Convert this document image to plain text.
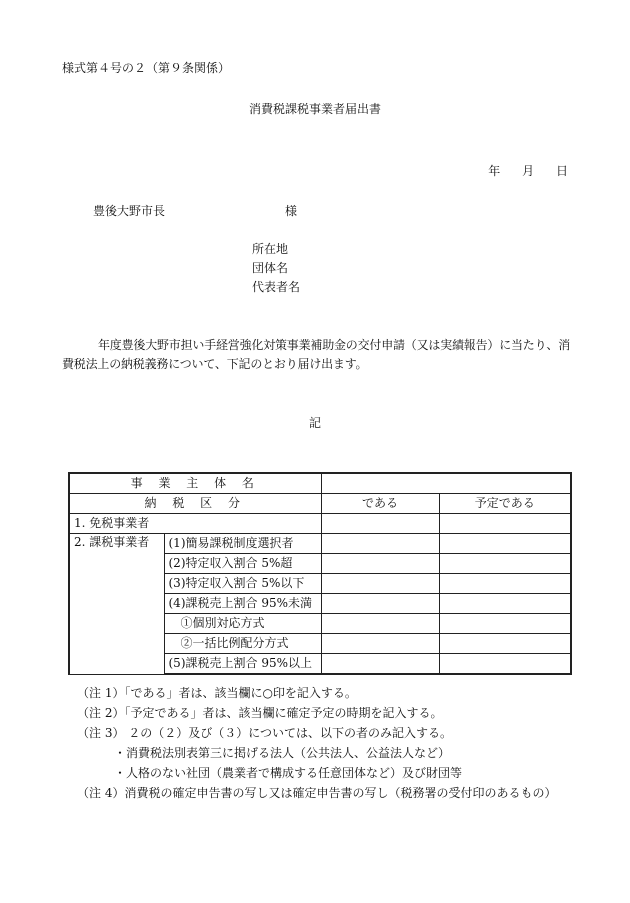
様式第４号の２（第９条関係）
消費税課税事業者届出書
年 月 日
豊後大野市長	様
所在地
団体名
代表者名
年度豊後大野市担い手経営強化対策事業補助金の交付申請（又は実績報告）に当たり、消費税法上の納税義務について、下記のとおり届け出ます。
記
事 業 主 体 名			
納 税 区 分		である	予定である
1. 免税事業者			
2. 課税事業者	(1)簡易課税制度選択者		
	(2)特定収入割合 5%超		
	(3)特定収入割合 5%以下		
	(4)課税売上割合 95%未満		
	①個別対応方式		
	②一括比例配分方式		
	(5)課税売上割合 95%以上		
（注 1）「である」者は、該当欄に○印を記入する。
（注 2）「予定である」者は、該当欄に確定予定の時期を記入する。
（注 3） ２の（２）及び（３）については、以下の者のみ記入する。
・消費税法別表第三に掲げる法人（公共法人、公益法人など）
・人格のない社団（農業者で構成する任意団体など）及び財団等
（注 4）消費税の確定申告書の写し又は確定申告書の写し（税務署の受付印のあるもの）
